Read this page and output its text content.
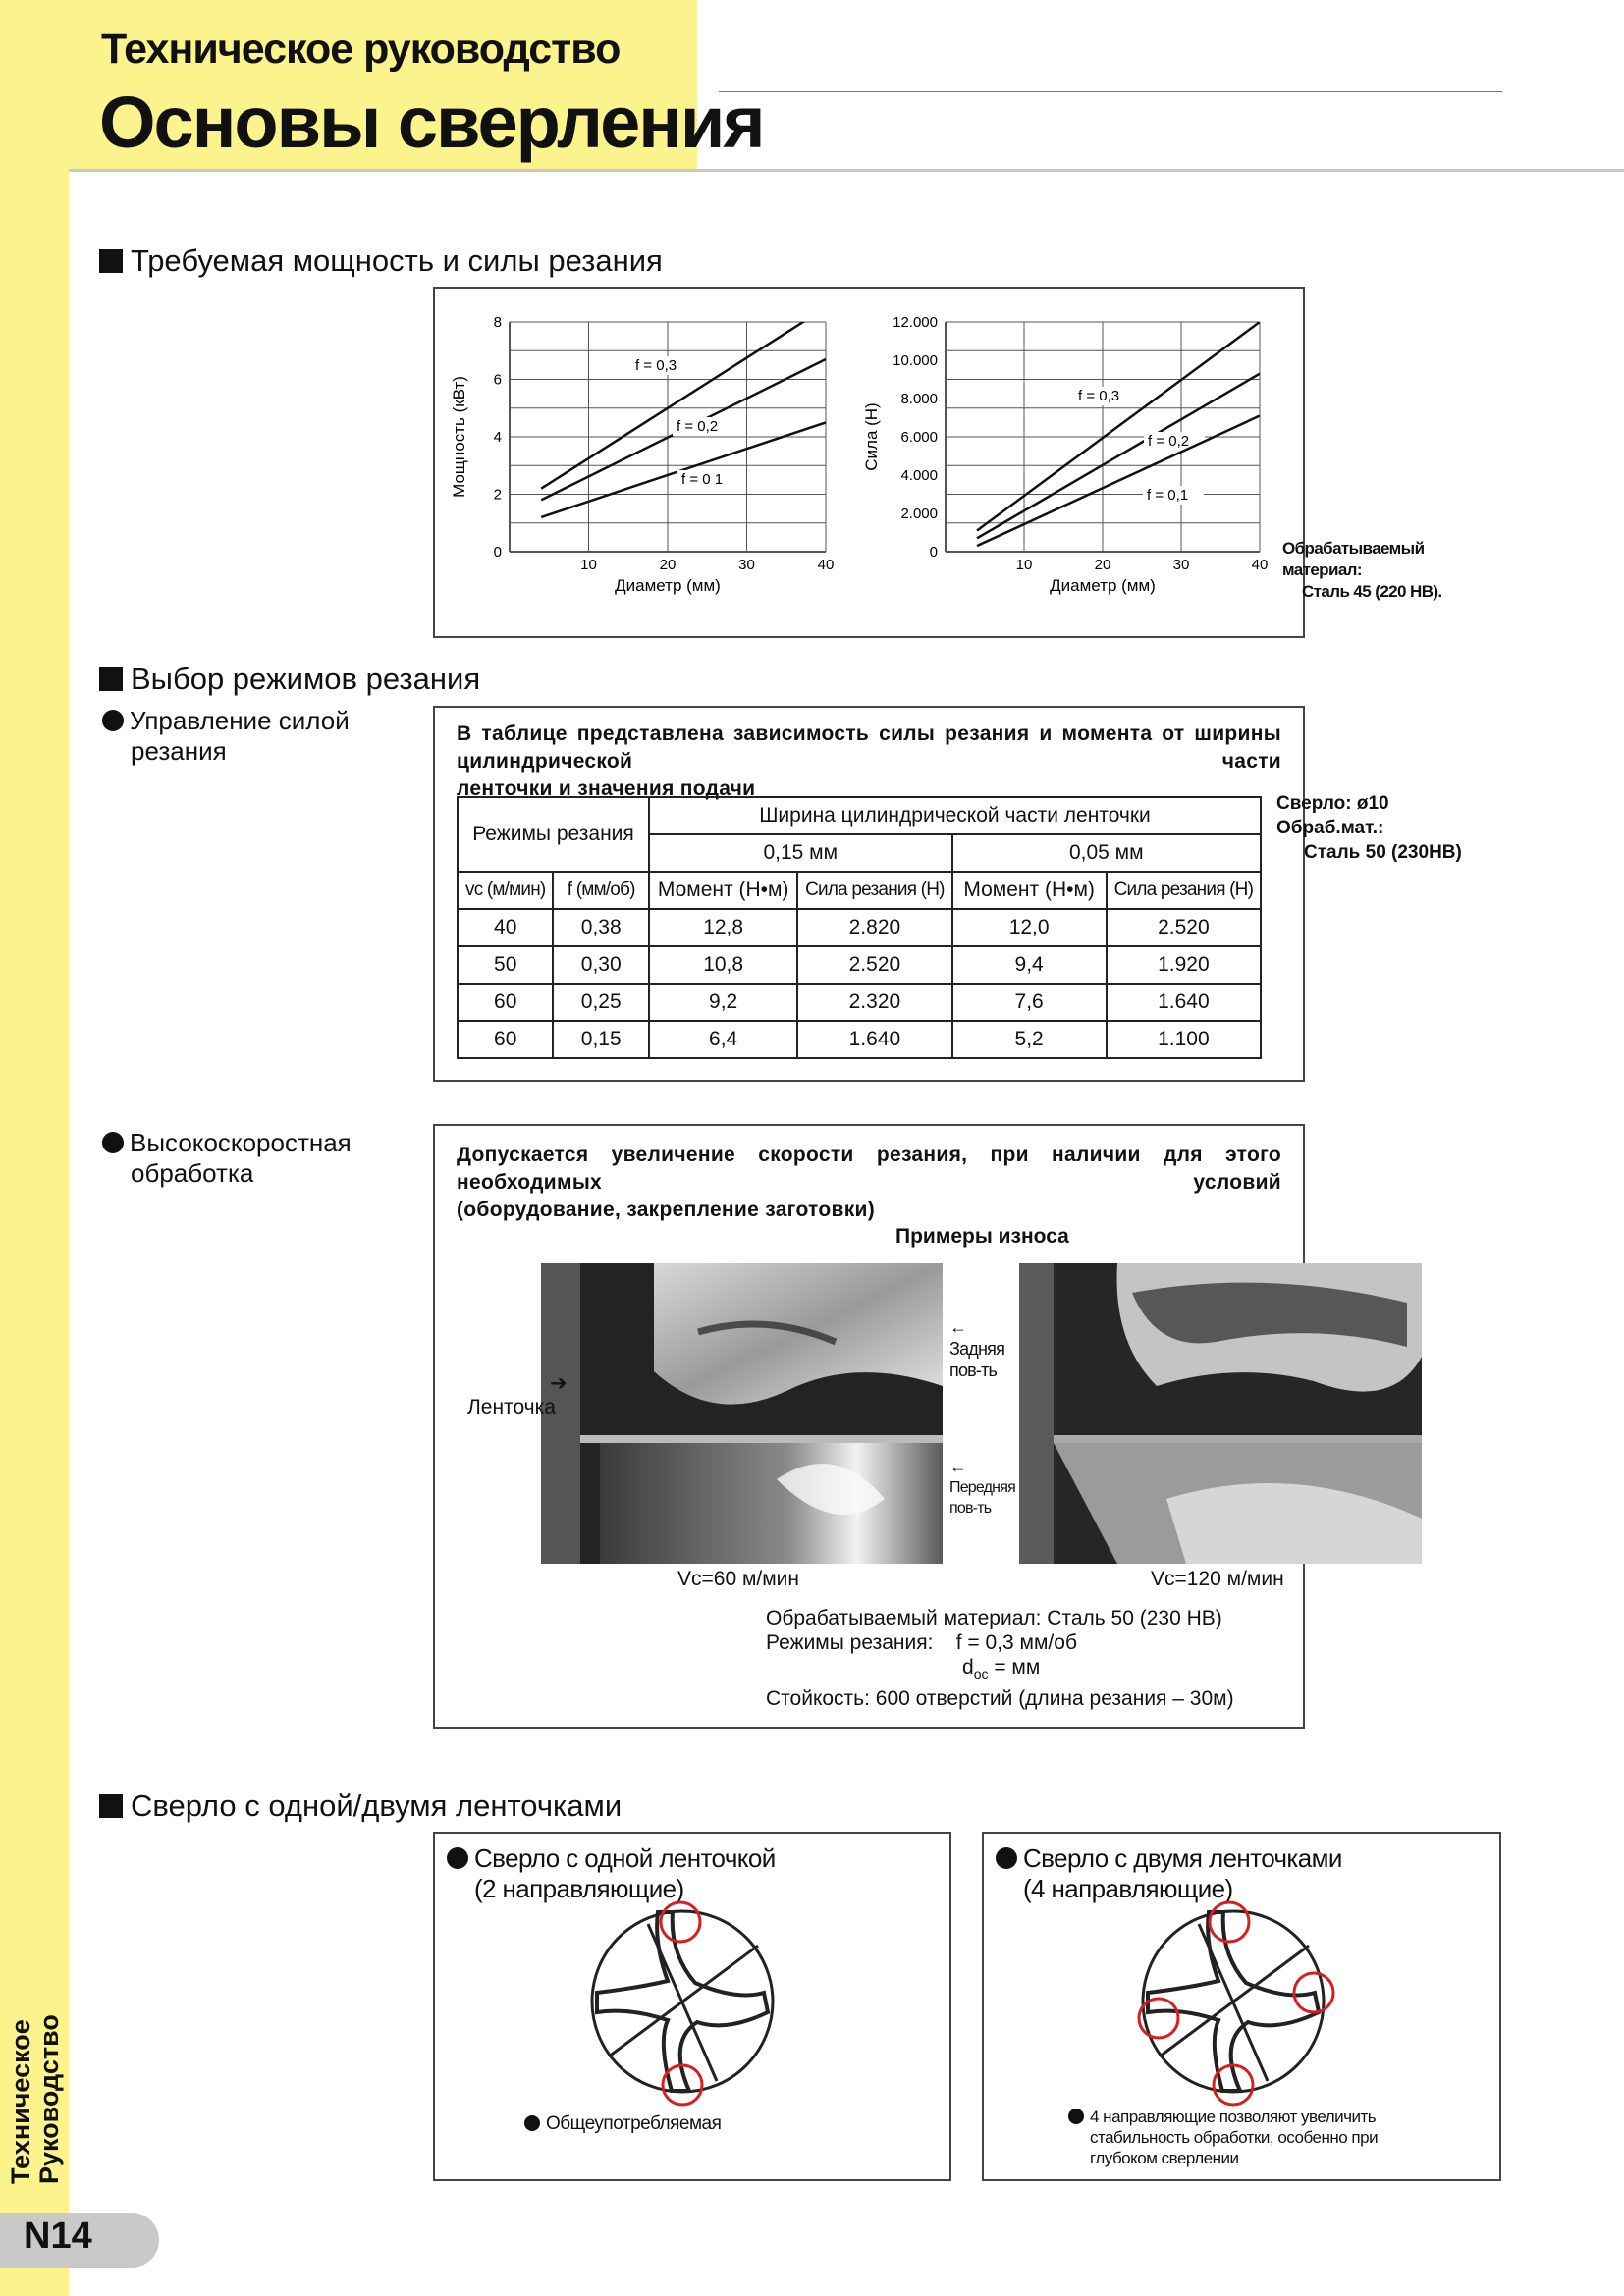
Техническое руководство
Основы сверления
Требуемая мощность и силы резания
0
2
4
6
8
10	20	30	40
Диаметр (мм)
Мощность (кВт)
f = 0,3
f = 0,2
f = 0 1
0
2.000
4.000
6.000
8.000
10.000
12.000
10	20	30	40
Диаметр (мм)
Сила (Н)
f = 0,3
f = 0,2
f = 0,1
Обрабатываемый
материал:
Сталь 45 (220 HB).
Выбор режимов резания
Управление силой
резания
В таблице представлена зависимость силы резания и момента от ширины цилиндрической части
ленточки и значения подачи
Сверло: ø10
Обраб.мат.:
Сталь 50 (230HB)
Режимы резания		Ширина цилиндрической части ленточки			
		0,15 мм		0,05 мм	
vc (м/мин)	f (мм/об)	Момент (Н•м)	Сила резания (Н)	Момент (Н•м)	Сила резания (Н)
40	0,38	12,8	2.820	12,0	2.520
50	0,30	10,8	2.520	9,4	1.920
60	0,25	9,2	2.320	7,6	1.640
60	0,15	6,4	1.640	5,2	1.100
Высокоскоростная
обработка
Допускается увеличение скорости резания, при наличии для этого необходимых условий
(оборудование, закрепление заготовки)
Примеры износа
➔
Ленточка
←
Задняя
пов-ть
←
Передняя
пов-ть
Vc=60 м/мин	Vc=120 м/мин
Обрабатываемый материал: Сталь 50 (230 HB)
Режимы резания: f = 0,3 мм/об
$d_{ос}$ = мм
Стойкость: 600 отверстий (длина резания – 30м)
Сверло с одной/двумя ленточками
Сверло с одной ленточкой
(2 направляющие)
Общеупотребляемая
Сверло с двумя ленточками
(4 направляющие)
4 направляющие позволяют увеличить
стабильность обработки, особенно при
глубоком сверлении
N14
Техническое Руководство
